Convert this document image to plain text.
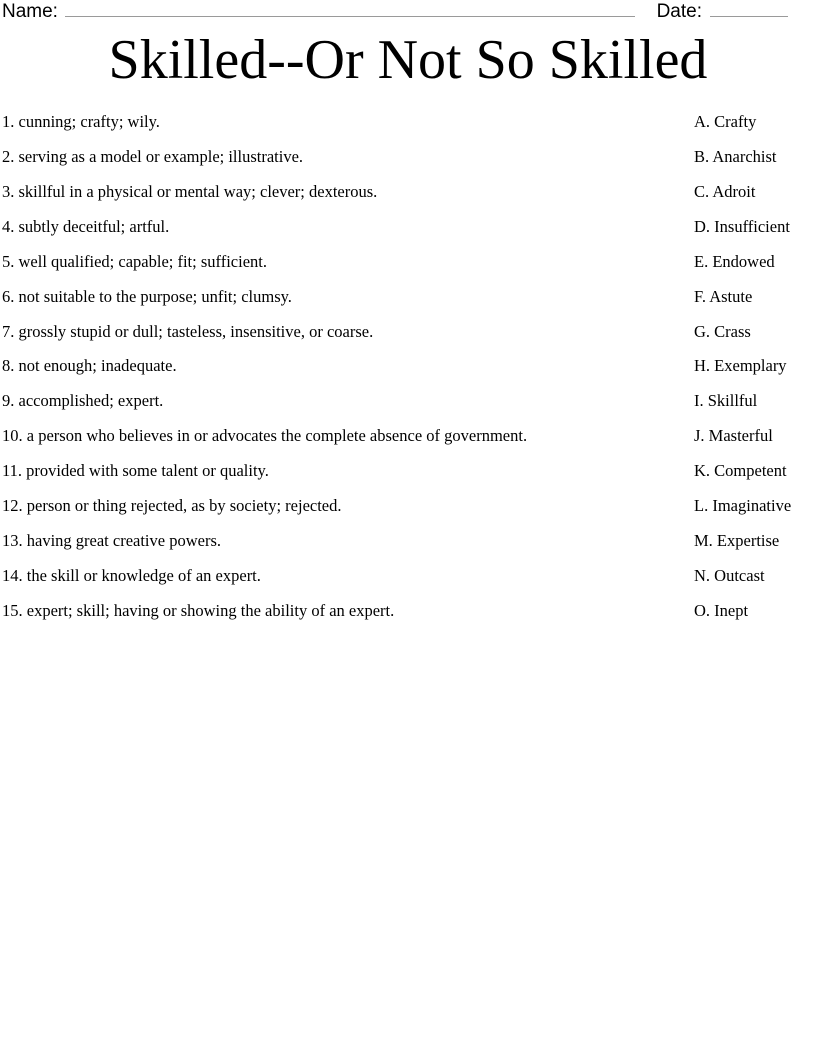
Name:	Date:
Skilled--Or Not So Skilled
1. cunning; crafty; wily.	A. Crafty
2. serving as a model or example; illustrative.	B. Anarchist
3. skillful in a physical or mental way; clever; dexterous.	C. Adroit
4. subtly deceitful; artful.	D. Insufficient
5. well qualified; capable; fit; sufficient.	E. Endowed
6. not suitable to the purpose; unfit; clumsy.	F. Astute
7. grossly stupid or dull; tasteless, insensitive, or coarse.	G. Crass
8. not enough; inadequate.	H. Exemplary
9. accomplished; expert.	I. Skillful
10. a person who believes in or advocates the complete absence of government.	J. Masterful
11. provided with some talent or quality.	K. Competent
12. person or thing rejected, as by society; rejected.	L. Imaginative
13. having great creative powers.	M. Expertise
14. the skill or knowledge of an expert.	N. Outcast
15. expert; skill; having or showing the ability of an expert.	O. Inept
